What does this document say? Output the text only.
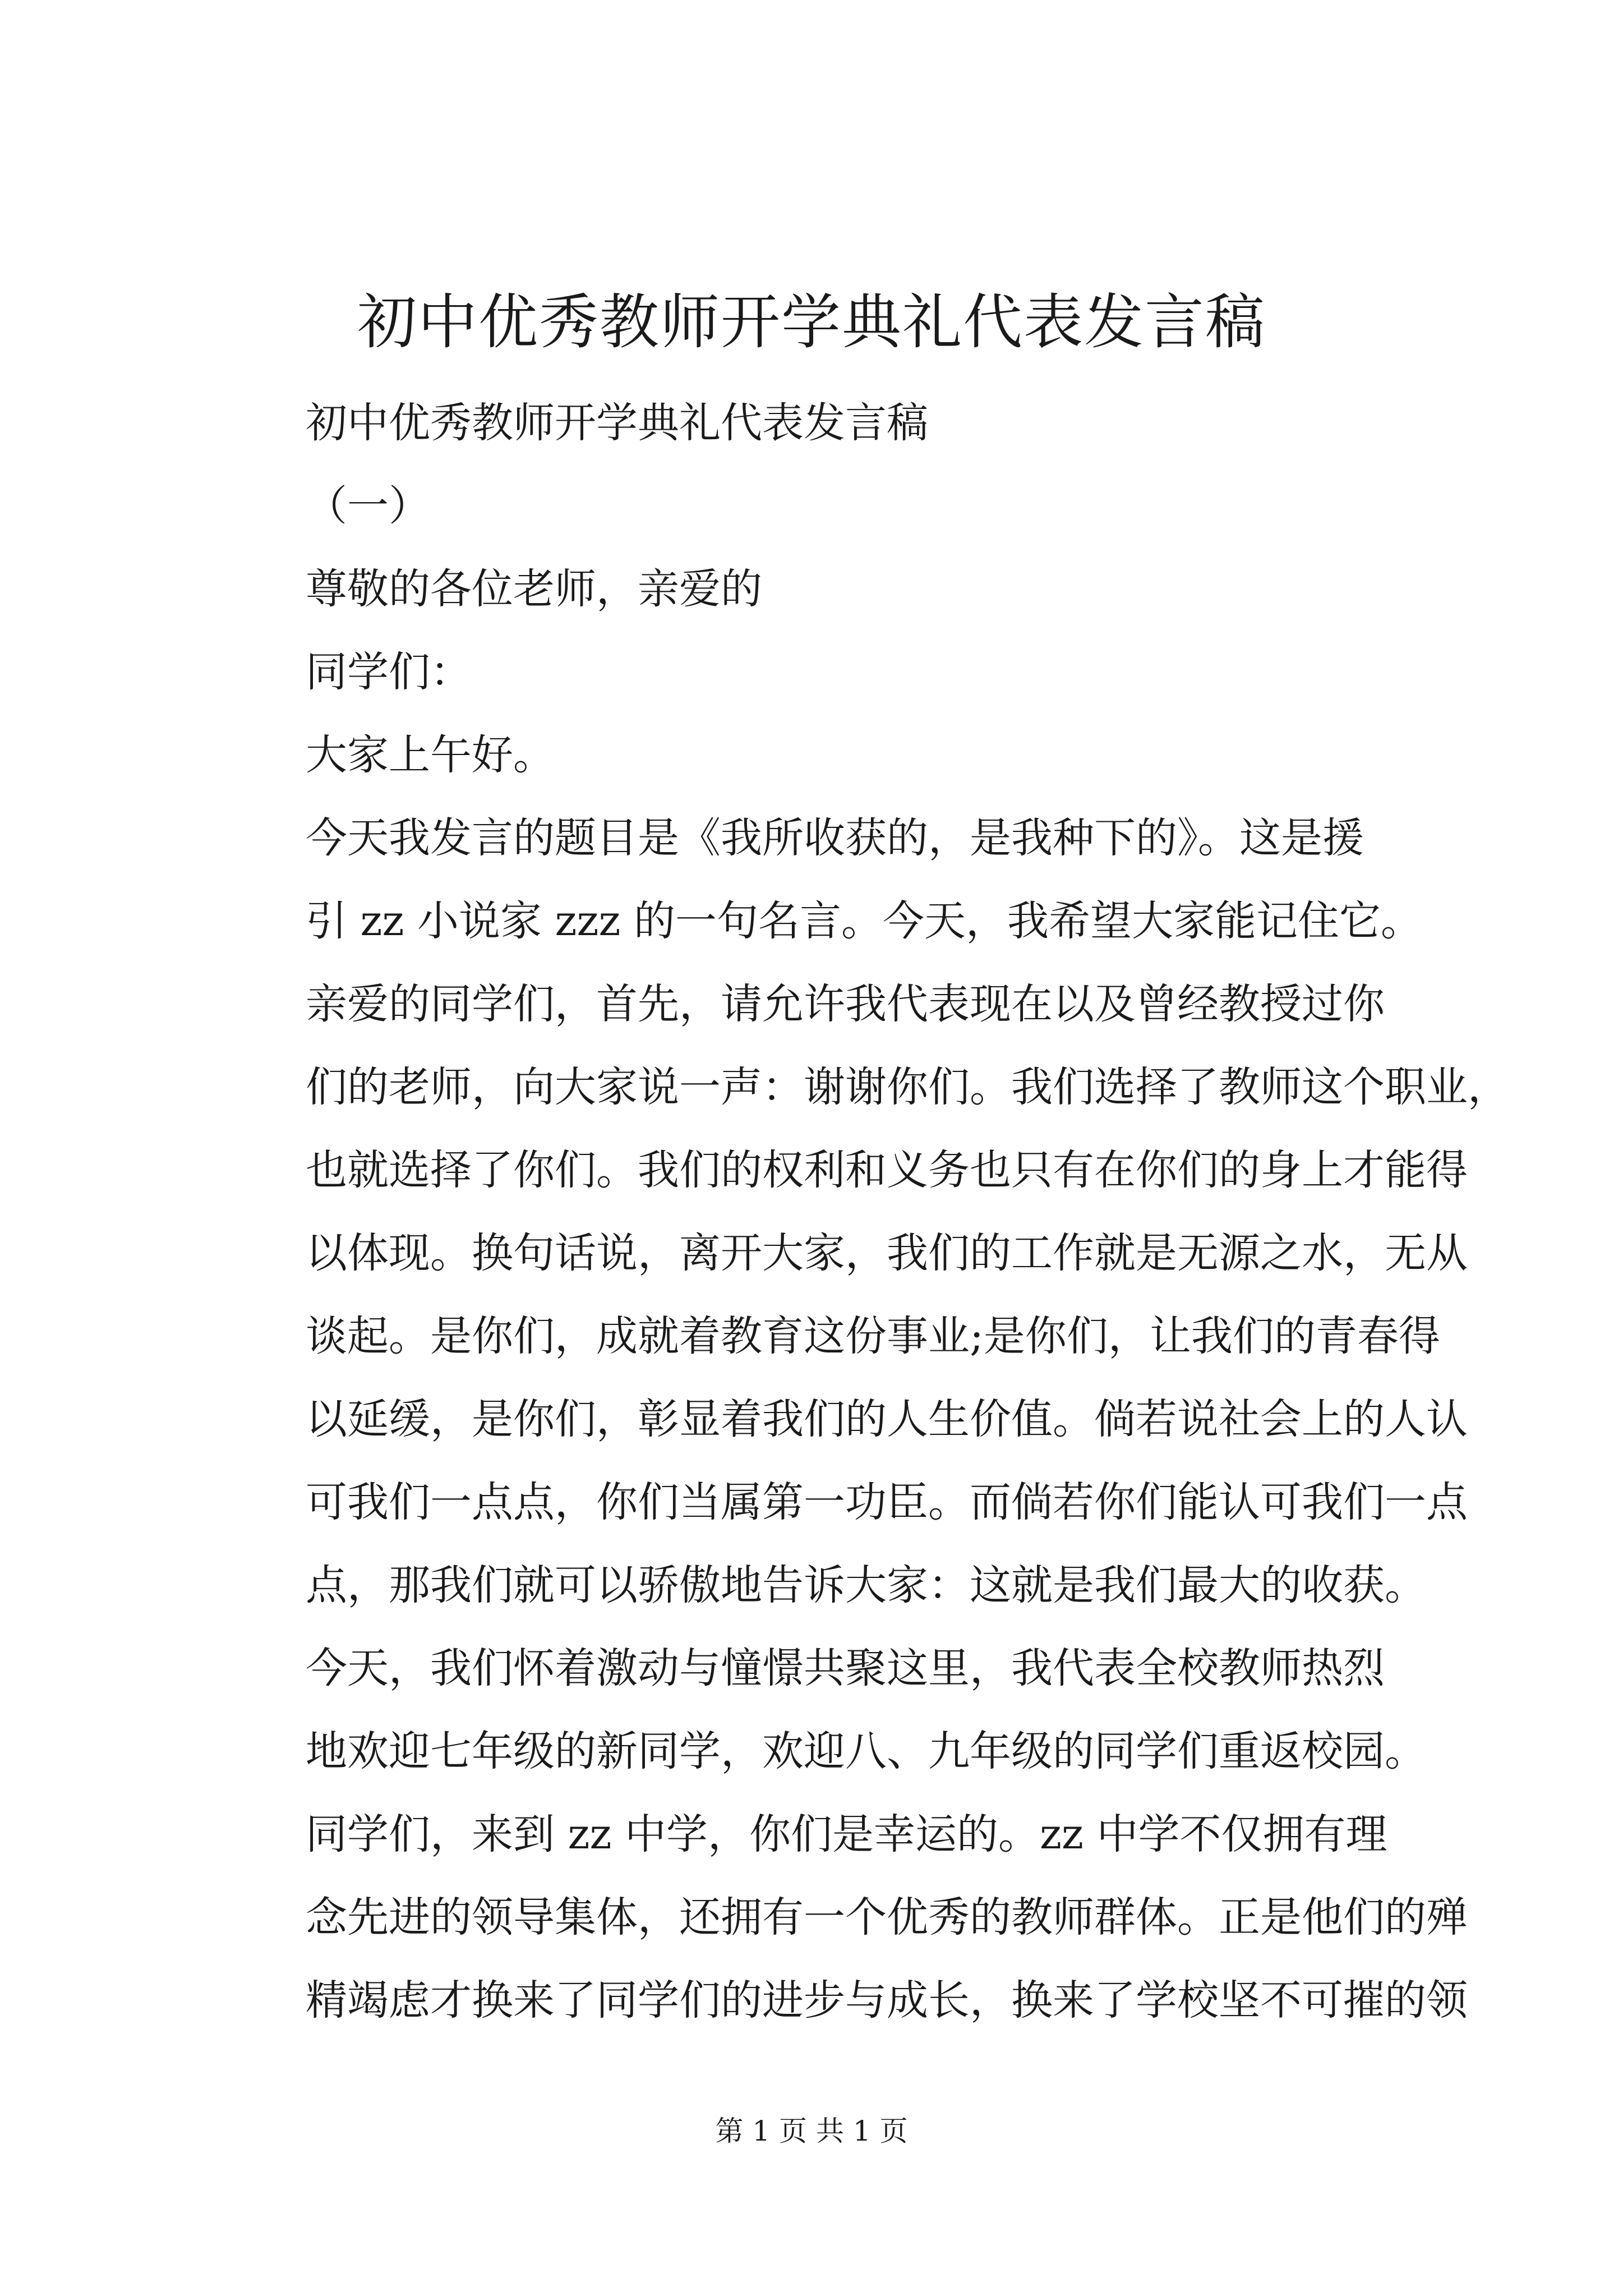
初中优秀教师开学典礼代表发言稿

初中优秀教师开学典礼代表发言稿

（一）

尊敬的各位老师，亲爱的

同学们：

大家上午好。

今天我发言的题目是《我所收获的，是我种下的》。这是援

引 zz 小说家 zzz 的一句名言。今天，我希望大家能记住它。

亲爱的同学们，首先，请允许我代表现在以及曾经教授过你

们的老师，向大家说一声：谢谢你们。我们选择了教师这个职业，

也就选择了你们。我们的权利和义务也只有在你们的身上才能得

以体现。换句话说，离开大家，我们的工作就是无源之水，无从

谈起。是你们，成就着教育这份事业;是你们，让我们的青春得

以延缓，是你们，彰显着我们的人生价值。倘若说社会上的人认

可我们一点点，你们当属第一功臣。而倘若你们能认可我们一点

点，那我们就可以骄傲地告诉大家：这就是我们最大的收获。

今天，我们怀着激动与憧憬共聚这里，我代表全校教师热烈

地欢迎七年级的新同学，欢迎八、九年级的同学们重返校园。

同学们，来到 zz 中学，你们是幸运的。zz 中学不仅拥有理

念先进的领导集体，还拥有一个优秀的教师群体。正是他们的殚

精竭虑才换来了同学们的进步与成长，换来了学校坚不可摧的领

第 1 页 共 1 页
